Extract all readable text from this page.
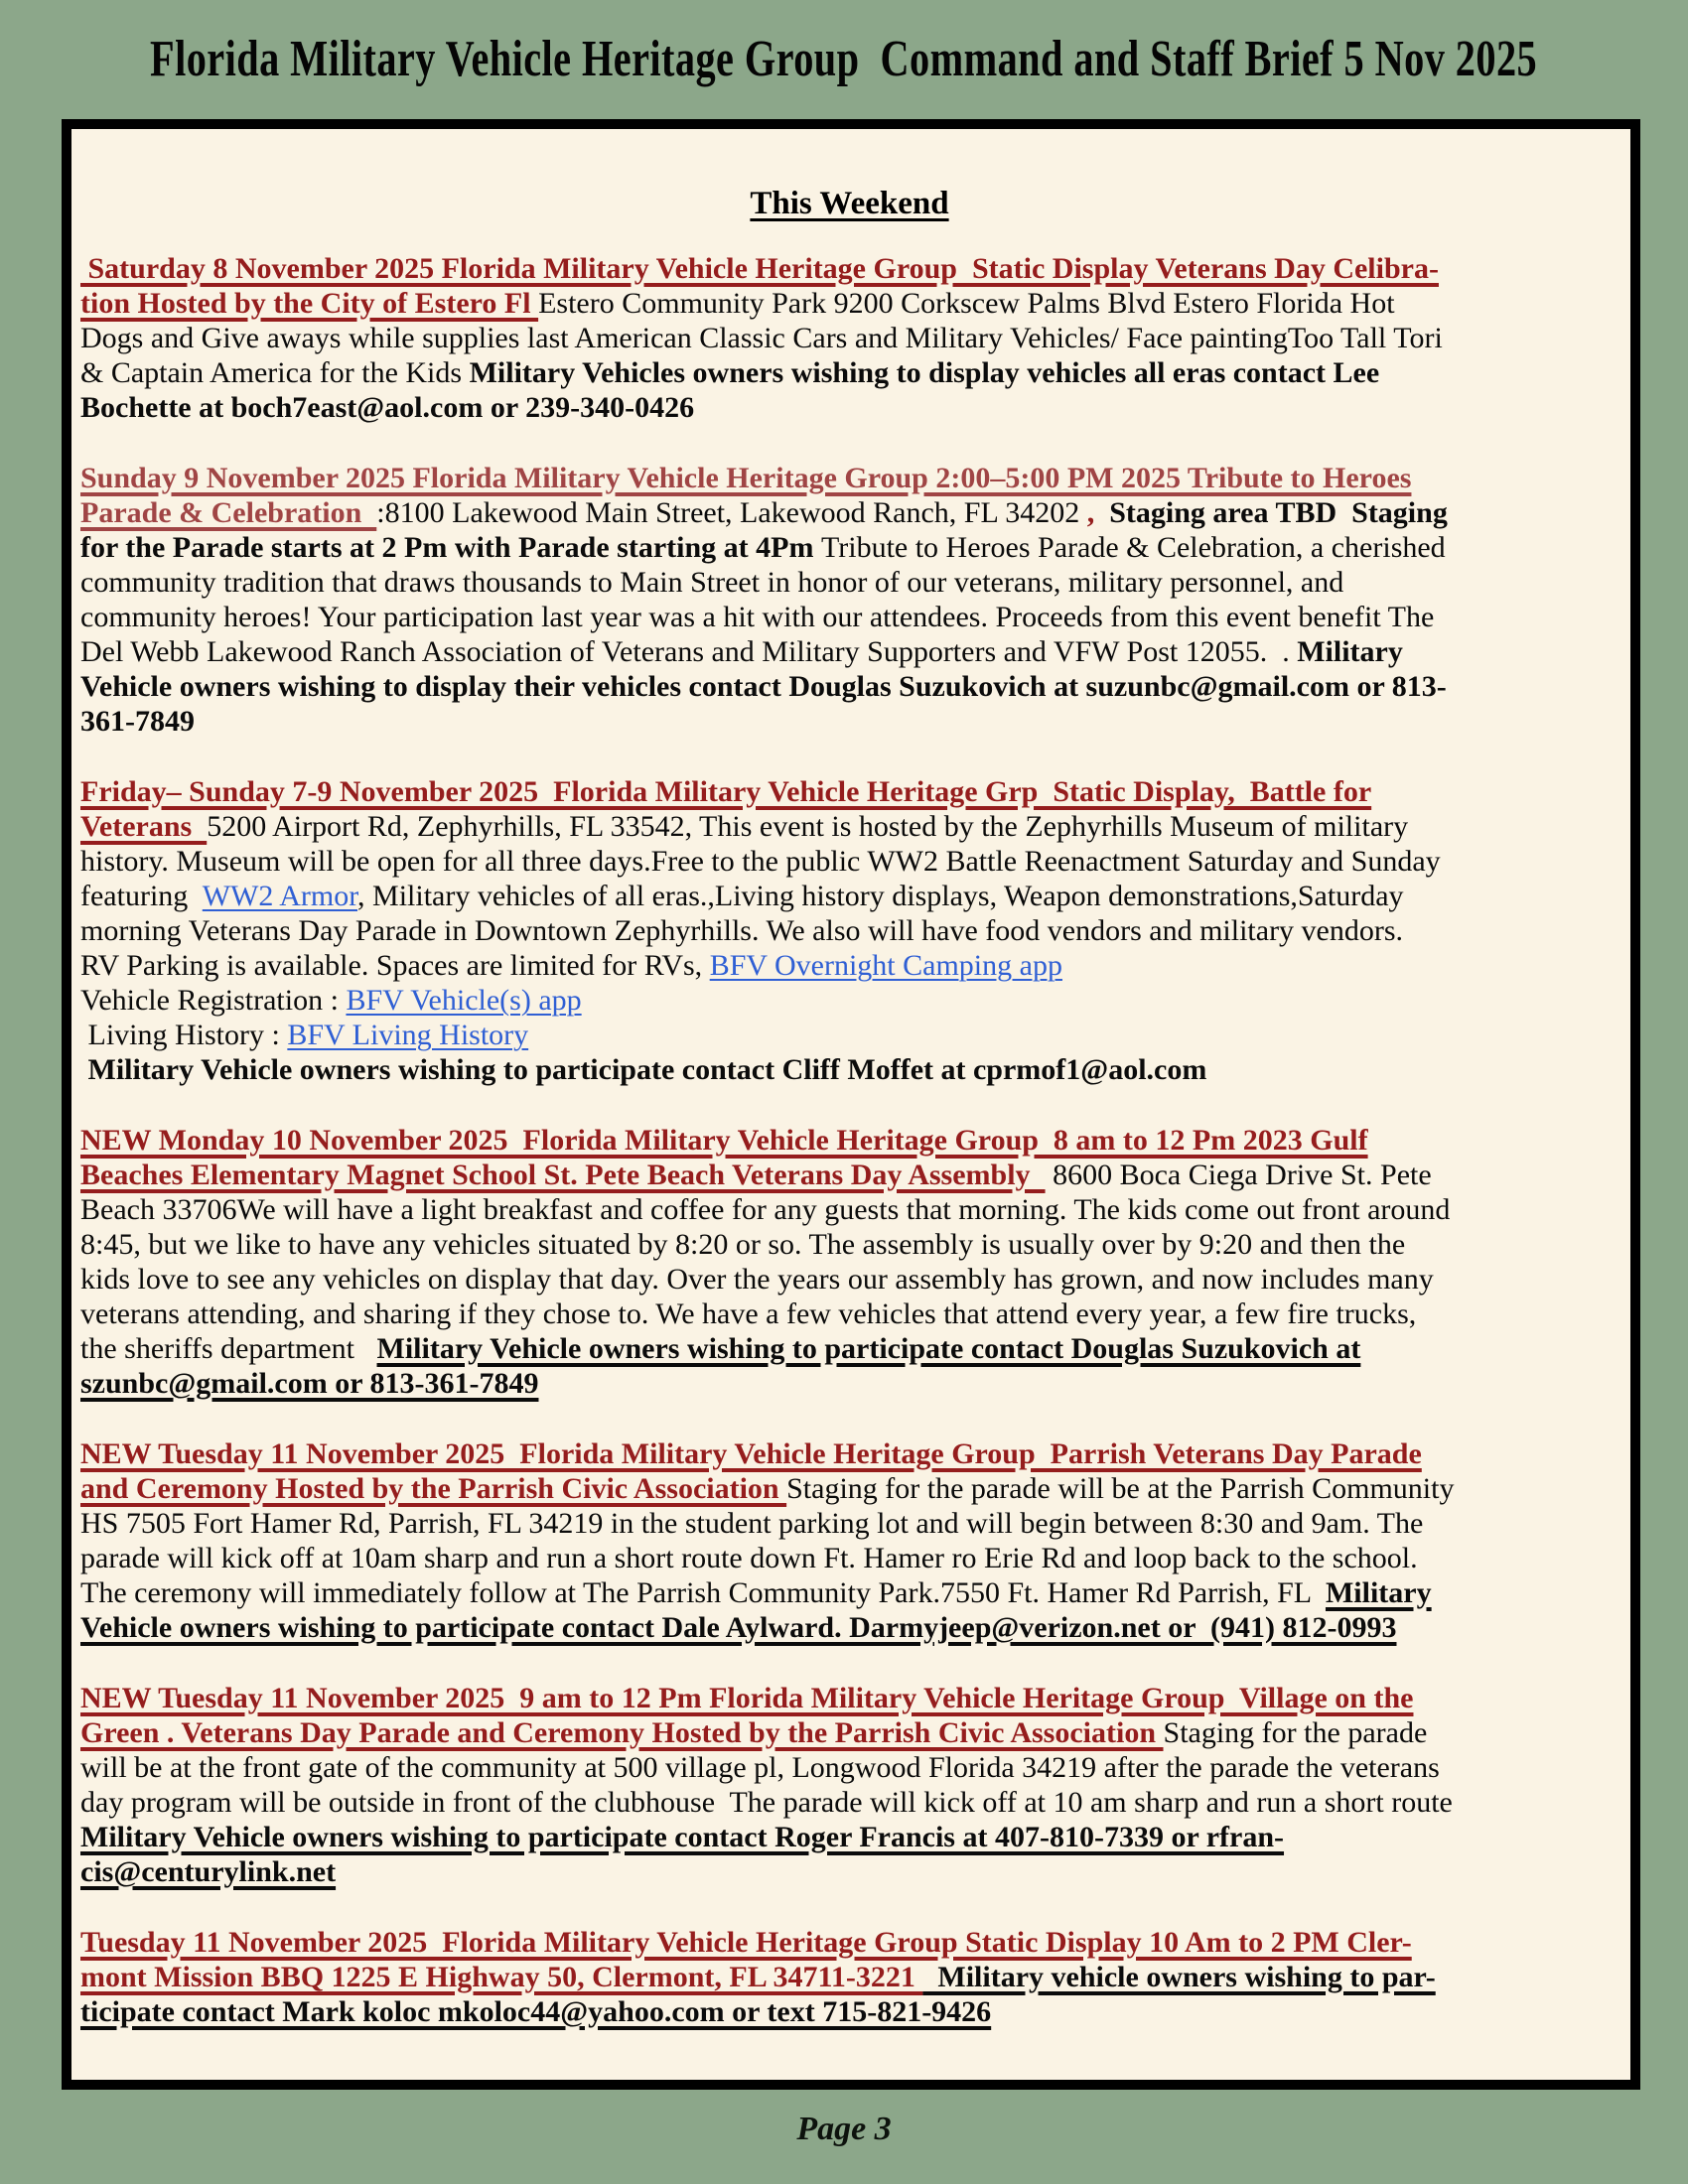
Florida Military Vehicle Heritage Group  Command and Staff Brief 5 Nov 2025
This Weekend
Saturday 8 November 2025 Florida Military Vehicle Heritage Group  Static Display Veterans Day Celibra-
tion Hosted by the City of Estero Fl Estero Community Park 9200 Corkscew Palms Blvd Estero Florida Hot
Dogs and Give aways while supplies last American Classic Cars and Military Vehicles/ Face paintingToo Tall Tori
& Captain America for the Kids Military Vehicles owners wishing to display vehicles all eras contact Lee
Bochette at boch7east@aol.com or 239-340-0426
Sunday 9 November 2025 Florida Military Vehicle Heritage Group 2:00–5:00 PM 2025 Tribute to Heroes
Parade & Celebration  :8100 Lakewood Main Street, Lakewood Ranch, FL 34202 ,  Staging area TBD  Staging
for the Parade starts at 2 Pm with Parade starting at 4Pm Tribute to Heroes Parade & Celebration, a cherished
community tradition that draws thousands to Main Street in honor of our veterans, military personnel, and
community heroes! Your participation last year was a hit with our attendees. Proceeds from this event benefit The
Del Webb Lakewood Ranch Association of Veterans and Military Supporters and VFW Post 12055.  . Military
Vehicle owners wishing to display their vehicles contact Douglas Suzukovich at suzunbc@gmail.com or 813-
361-7849
Friday– Sunday 7-9 November 2025  Florida Military Vehicle Heritage Grp  Static Display,  Battle for
Veterans  5200 Airport Rd, Zephyrhills, FL 33542, This event is hosted by the Zephyrhills Museum of military
history. Museum will be open for all three days.Free to the public WW2 Battle Reenactment Saturday and Sunday
featuring  WW2 Armor, Military vehicles of all eras.,Living history displays, Weapon demonstrations,Saturday
morning Veterans Day Parade in Downtown Zephyrhills. We also will have food vendors and military vendors.
RV Parking is available. Spaces are limited for RVs, BFV Overnight Camping app
Vehicle Registration : BFV Vehicle(s) app
Living History : BFV Living History
Military Vehicle owners wishing to participate contact Cliff Moffet at cprmof1@aol.com
NEW Monday 10 November 2025  Florida Military Vehicle Heritage Group  8 am to 12 Pm 2023 Gulf
Beaches Elementary Magnet School St. Pete Beach Veterans Day Assembly   8600 Boca Ciega Drive St. Pete
Beach 33706We will have a light breakfast and coffee for any guests that morning. The kids come out front around
8:45, but we like to have any vehicles situated by 8:20 or so. The assembly is usually over by 9:20 and then the
kids love to see any vehicles on display that day. Over the years our assembly has grown, and now includes many
veterans attending, and sharing if they chose to. We have a few vehicles that attend every year, a few fire trucks,
the sheriffs department   Military Vehicle owners wishing to participate contact Douglas Suzukovich at
szunbc@gmail.com or 813-361-7849
NEW Tuesday 11 November 2025  Florida Military Vehicle Heritage Group  Parrish Veterans Day Parade
and Ceremony Hosted by the Parrish Civic Association Staging for the parade will be at the Parrish Community
HS 7505 Fort Hamer Rd, Parrish, FL 34219 in the student parking lot and will begin between 8:30 and 9am. The
parade will kick off at 10am sharp and run a short route down Ft. Hamer ro Erie Rd and loop back to the school.
The ceremony will immediately follow at The Parrish Community Park.7550 Ft. Hamer Rd Parrish, FL  Military
Vehicle owners wishing to participate contact Dale Aylward. Darmyjeep@verizon.net or  (941) 812-0993
NEW Tuesday 11 November 2025  9 am to 12 Pm Florida Military Vehicle Heritage Group  Village on the
Green . Veterans Day Parade and Ceremony Hosted by the Parrish Civic Association Staging for the parade
will be at the front gate of the community at 500 village pl, Longwood Florida 34219 after the parade the veterans
day program will be outside in front of the clubhouse  The parade will kick off at 10 am sharp and run a short route
Military Vehicle owners wishing to participate contact Roger Francis at 407-810-7339 or rfran-
cis@centurylink.net
Tuesday 11 November 2025  Florida Military Vehicle Heritage Group Static Display 10 Am to 2 PM Cler-
mont Mission BBQ 1225 E Highway 50, Clermont, FL 34711-3221   Military vehicle owners wishing to par-
ticipate contact Mark koloc mkoloc44@yahoo.com or text 715-821-9426
Page 3
